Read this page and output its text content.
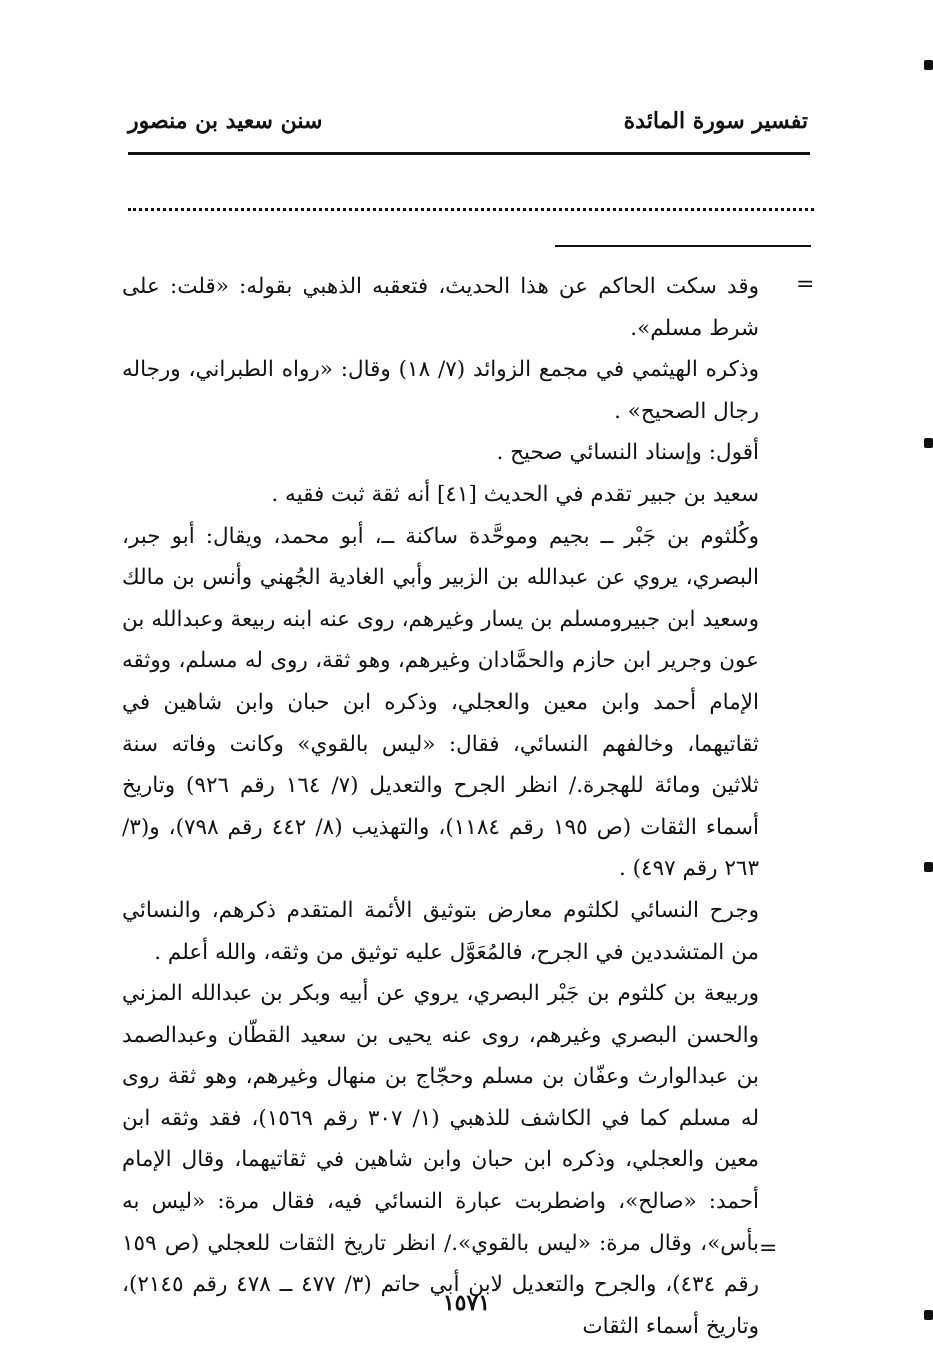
تفسير سورة المائدة
سنن سعيد بن منصور
=
=

وقد سكت الحاكم عن هذا الحديث، فتعقبه الذهبي بقوله: «قلت: على شرط مسلم».

وذكره الهيثمي في مجمع الزوائد (٧/ ١٨) وقال: «رواه الطبراني، ورجاله رجال الصحيح» .

أقول: وإسناد النسائي صحيح .

سعيد بن جبير تقدم في الحديث [٤١] أنه ثقة ثبت فقيه .

وكُلثوم بن جَبْر ــ بجيم وموحَّدة ساكنة ــ، أبو محمد، ويقال: أبو جبر، البصري، يروي عن عبدالله بن الزبير وأبي الغادية الجُهني وأنس بن مالك وسعيد ابن جبيرومسلم بن يسار وغيرهم، روى عنه ابنه ربيعة وعبدالله بن عون وجرير ابن حازم والحمَّادان وغيرهم، وهو ثقة، روى له مسلم، ووثقه الإمام أحمد وابن معين والعجلي، وذكره ابن حبان وابن شاهين في ثقاتيهما، وخالفهم النسائي، فقال: «ليس بالقوي» وكانت وفاته سنة ثلاثين ومائة للهجرة./ انظر الجرح والتعديل (٧/ ١٦٤ رقم ٩٢٦) وتاريخ أسماء الثقات (ص ١٩٥ رقم ١١٨٤)، والتهذيب (٨/ ٤٤٢ رقم ٧٩٨)، و(٣/ ٢٦٣ رقم ٤٩٧) .

وجرح النسائي لكلثوم معارض بتوثيق الأئمة المتقدم ذكرهم، والنسائي من المتشددين في الجرح، فالمُعَوَّل عليه توثيق من وثقه، والله أعلم .

وربيعة بن كلثوم بن جَبْر البصري، يروي عن أبيه وبكر بن عبدالله المزني والحسن البصري وغيرهم، روى عنه يحيى بن سعيد القطّان وعبدالصمد بن عبدالوارث وعفّان بن مسلم وحجّاج بن منهال وغيرهم، وهو ثقة روى له مسلم كما في الكاشف للذهبي (١/ ٣٠٧ رقم ١٥٦٩)، فقد وثقه ابن معين والعجلي، وذكره ابن حبان وابن شاهين في ثقاتيهما، وقال الإمام أحمد: «صالح»، واضطربت عبارة النسائي فيه، فقال مرة: «ليس به بأس»، وقال مرة: «ليس بالقوي»./ انظر تاريخ الثقات للعجلي (ص ١٥٩ رقم ٤٣٤)، والجرح والتعديل لابن أبي حاتم (٣/ ٤٧٧ ــ ٤٧٨ رقم ٢١٤٥)، وتاريخ أسماء الثقات

١٥٧١
